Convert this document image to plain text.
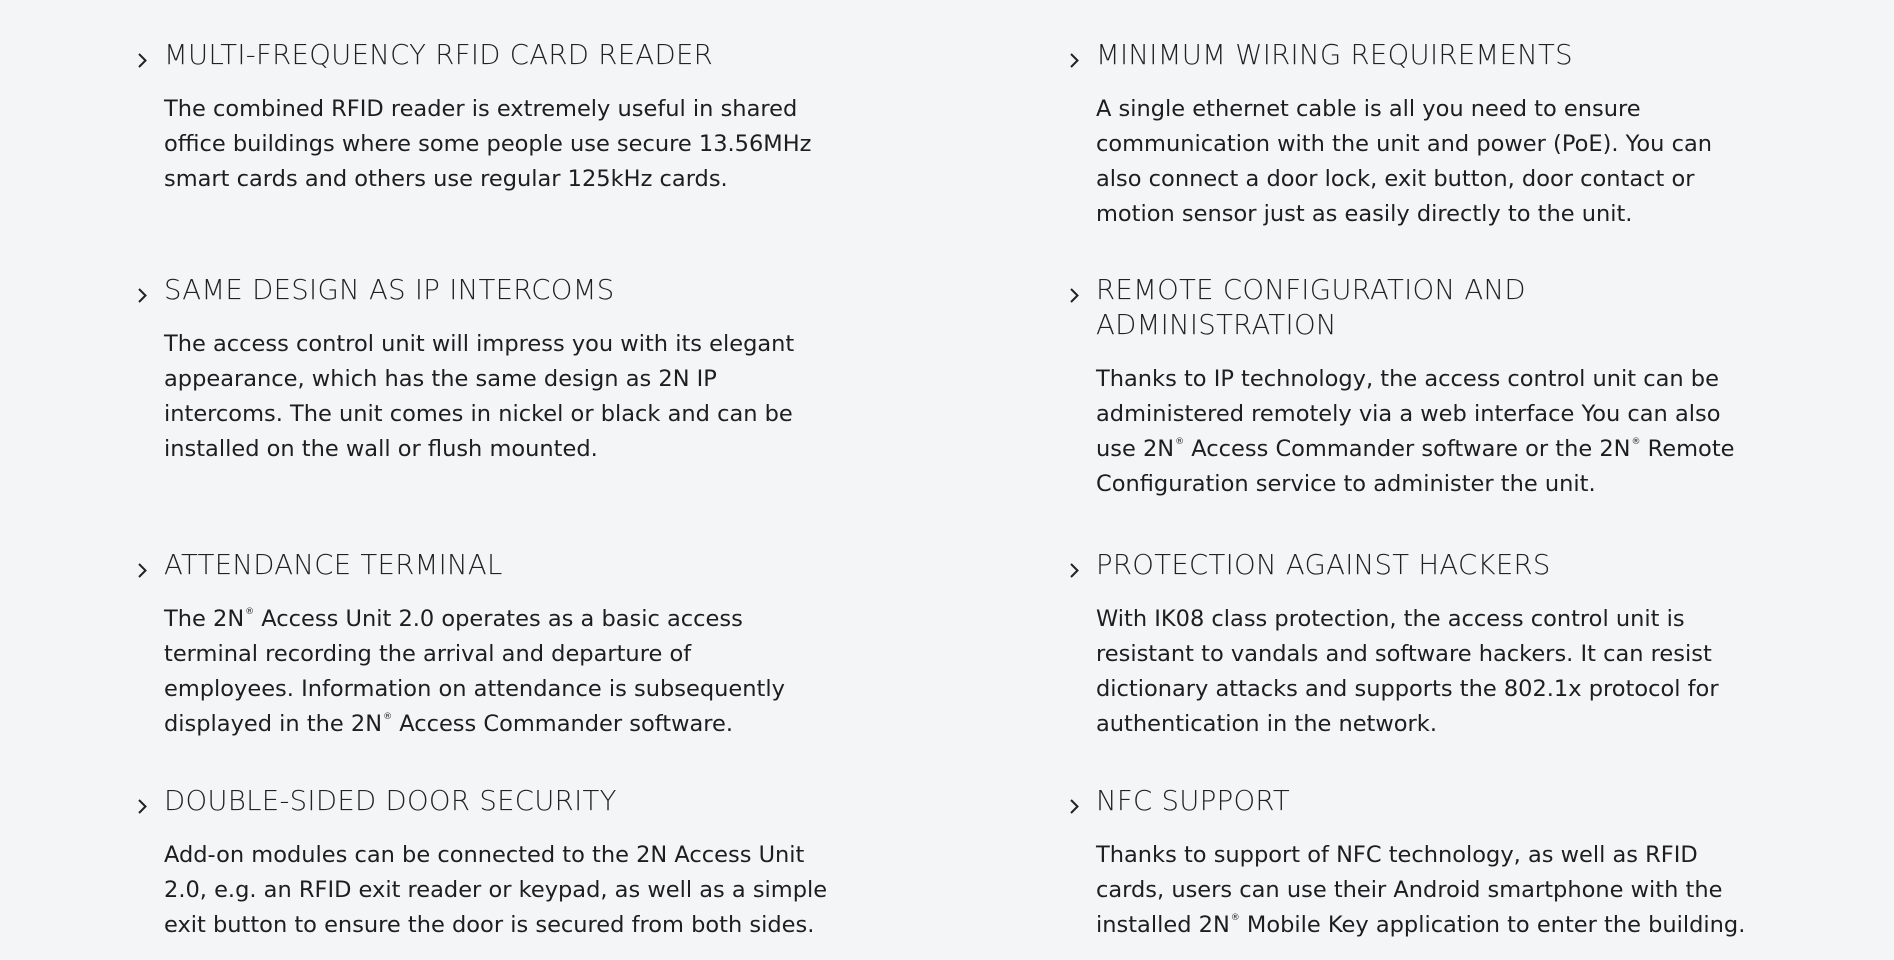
MULTI-FREQUENCY RFID CARD READER

The combined RFID reader is extremely useful in shared
office buildings where some people use secure 13.56MHz
smart cards and others use regular 125kHz cards.

SAME DESIGN AS IP INTERCOMS

The access control unit will impress you with its elegant
appearance, which has the same design as 2N IP
intercoms. The unit comes in nickel or black and can be
installed on the wall or flush mounted.

ATTENDANCE TERMINAL

The 2N® Access Unit 2.0 operates as a basic access
terminal recording the arrival and departure of
employees. Information on attendance is subsequently
displayed in the 2N® Access Commander software.

DOUBLE-SIDED DOOR SECURITY

Add-on modules can be connected to the 2N Access Unit
2.0, e.g. an RFID exit reader or keypad, as well as a simple
exit button to ensure the door is secured from both sides.

MINIMUM WIRING REQUIREMENTS

A single ethernet cable is all you need to ensure
communication with the unit and power (PoE). You can
also connect a door lock, exit button, door contact or
motion sensor just as easily directly to the unit.

REMOTE CONFIGURATION AND
ADMINISTRATION

Thanks to IP technology, the access control unit can be
administered remotely via a web interface You can also
use 2N® Access Commander software or the 2N® Remote
Configuration service to administer the unit.

PROTECTION AGAINST HACKERS

With IK08 class protection, the access control unit is
resistant to vandals and software hackers. It can resist
dictionary attacks and supports the 802.1x protocol for
authentication in the network.

NFC SUPPORT

Thanks to support of NFC technology, as well as RFID
cards, users can use their Android smartphone with the
installed 2N® Mobile Key application to enter the building.
